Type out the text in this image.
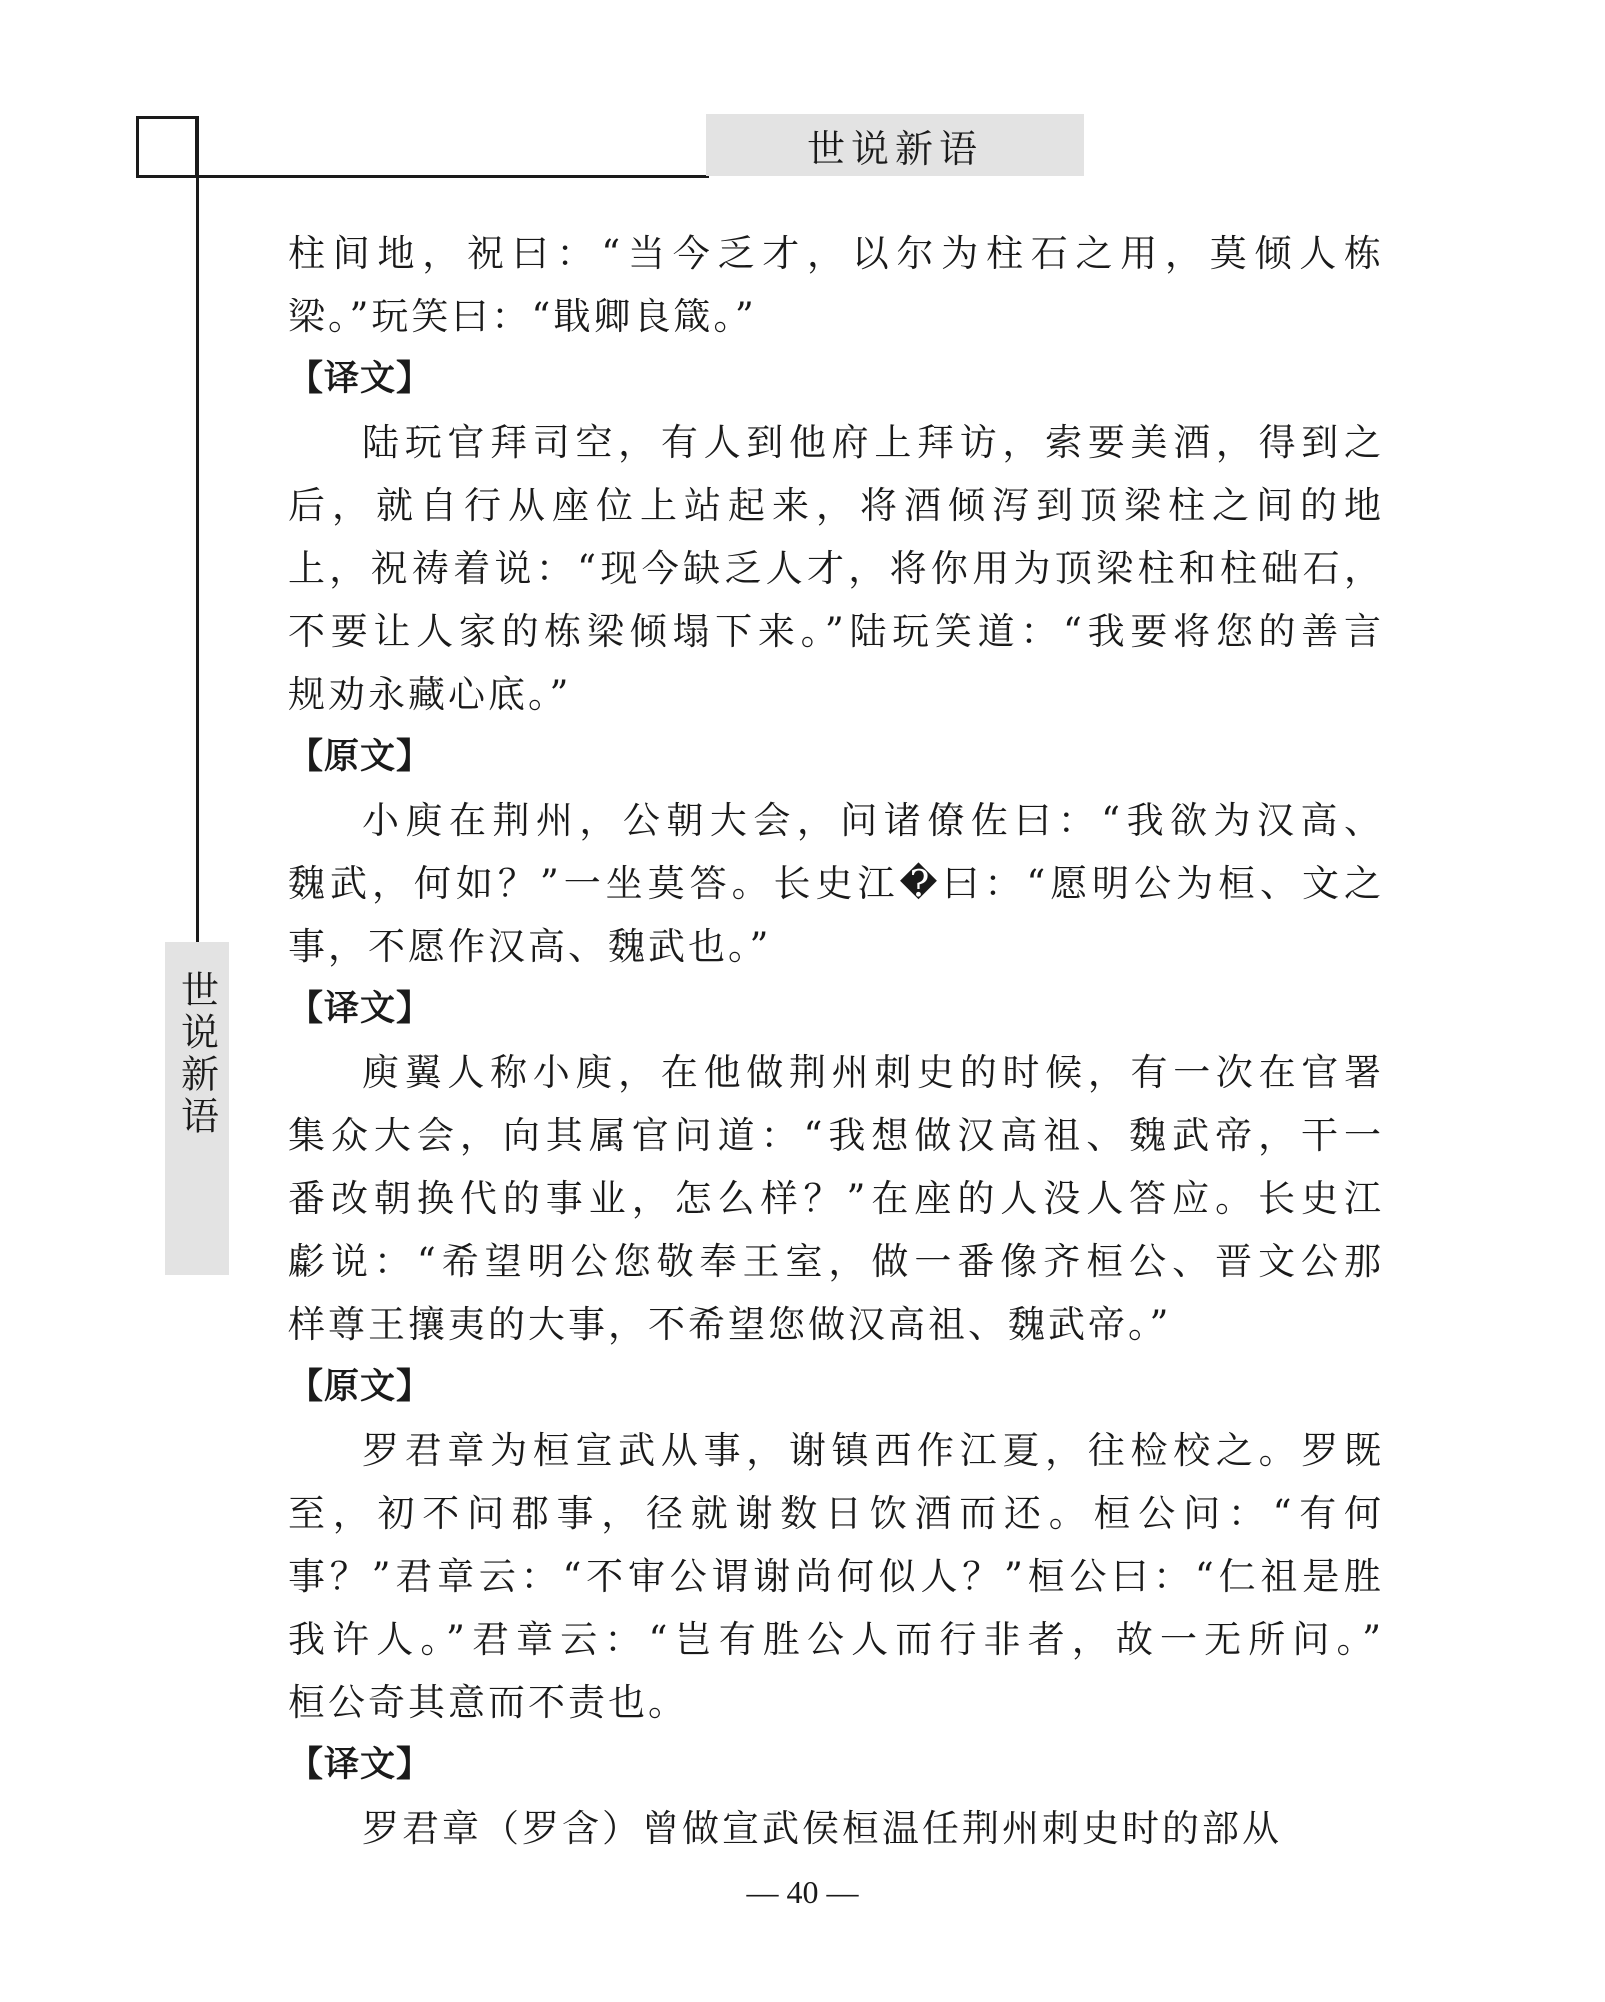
世说新语
世说新语
柱间地，祝曰：“当今乏才，以尔为柱石之用，莫倾人栋
梁。”玩笑曰：“戢卿良箴。”

【译文】

陆玩官拜司空，有人到他府上拜访，索要美酒，得到之
后，就自行从座位上站起来，将酒倾泻到顶梁柱之间的地
上，祝祷着说：“现今缺乏人才，将你用为顶梁柱和柱础石，
不要让人家的栋梁倾塌下来。”陆玩笑道：“我要将您的善言
规劝永藏心底。”

【原文】

小庾在荆州，公朝大会，问诸僚佐曰：“我欲为汉高、
魏武，何如？”一坐莫答。长史江�曰：“愿明公为桓、文之
事，不愿作汉高、魏武也。”

【译文】

庾翼人称小庾，在他做荆州刺史的时候，有一次在官署
集众大会，向其属官问道：“我想做汉高祖、魏武帝，干一
番改朝换代的事业，怎么样？”在座的人没人答应。长史江
虨说：“希望明公您敬奉王室，做一番像齐桓公、晋文公那
样尊王攘夷的大事，不希望您做汉高祖、魏武帝。”

【原文】

罗君章为桓宣武从事，谢镇西作江夏，往检校之。罗既
至，初不问郡事，径就谢数日饮酒而还。桓公问：“有何
事？”君章云：“不审公谓谢尚何似人？”桓公曰：“仁祖是胜
我许人。”君章云：“岂有胜公人而行非者，故一无所问。”
桓公奇其意而不责也。

【译文】

罗君章（罗含）曾做宣武侯桓温任荆州刺史时的部从
— 40 —
